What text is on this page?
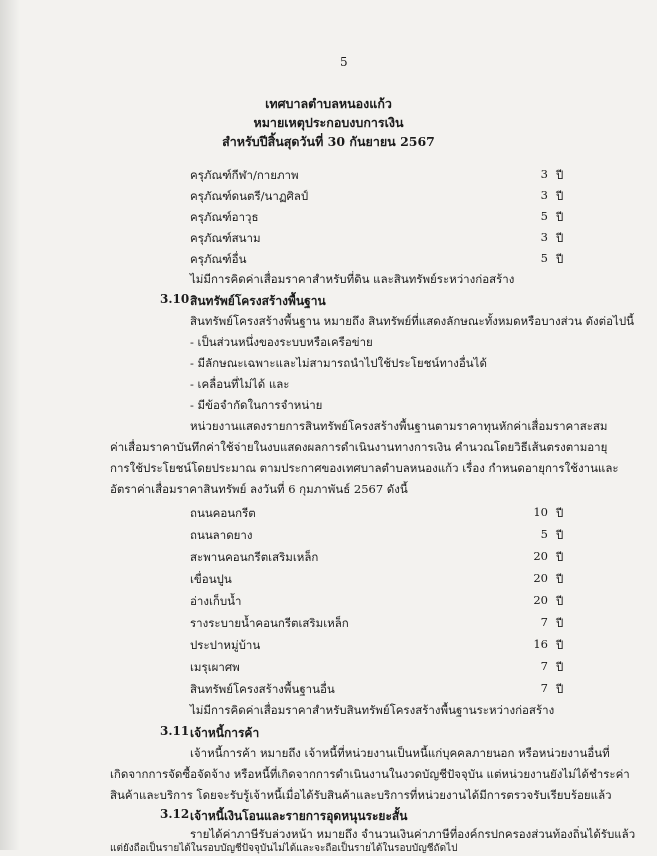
5
เทศบาลตำบลหนองแก้ว
หมายเหตุประกอบงบการเงิน
สำหรับปีสิ้นสุดวันที่ 30 กันยายน 2567
ครุภัณฑ์กีฬา/กายภาพ	3 ปี
ครุภัณฑ์ดนตรี/นาฏศิลป์	3 ปี
ครุภัณฑ์อาวุธ	5 ปี
ครุภัณฑ์สนาม	3 ปี
ครุภัณฑ์อื่น	5 ปี
ไม่มีการคิดค่าเสื่อมราคาสำหรับที่ดิน และสินทรัพย์ระหว่างก่อสร้าง
3.10 สินทรัพย์โครงสร้างพื้นฐาน
สินทรัพย์โครงสร้างพื้นฐาน หมายถึง สินทรัพย์ที่แสดงลักษณะทั้งหมดหรือบางส่วน ดังต่อไปนี้
- เป็นส่วนหนึ่งของระบบหรือเครือข่าย
- มีลักษณะเฉพาะและไม่สามารถนำไปใช้ประโยชน์ทางอื่นได้
- เคลื่อนที่ไม่ได้ และ
- มีข้อจำกัดในการจำหน่าย
หน่วยงานแสดงรายการสินทรัพย์โครงสร้างพื้นฐานตามราคาทุนหักค่าเสื่อมราคาสะสม
ค่าเสื่อมราคาบันทึกค่าใช้จ่ายในงบแสดงผลการดำเนินงานทางการเงิน คำนวณโดยวิธีเส้นตรงตามอายุ
การใช้ประโยชน์โดยประมาณ ตามประกาศของเทศบาลตำบลหนองแก้ว เรื่อง กำหนดอายุการใช้งานและ
อัตราค่าเสื่อมราคาสินทรัพย์ ลงวันที่ 6 กุมภาพันธ์ 2567 ดังนี้
ถนนคอนกรีต	10 ปี
ถนนลาดยาง	5 ปี
สะพานคอนกรีตเสริมเหล็ก	20 ปี
เขื่อนปูน	20 ปี
อ่างเก็บน้ำ	20 ปี
รางระบายน้ำคอนกรีตเสริมเหล็ก	7 ปี
ประปาหมู่บ้าน	16 ปี
เมรุเผาศพ	7 ปี
สินทรัพย์โครงสร้างพื้นฐานอื่น	7 ปี
ไม่มีการคิดค่าเสื่อมราคาสำหรับสินทรัพย์โครงสร้างพื้นฐานระหว่างก่อสร้าง
3.11 เจ้าหนี้การค้า
เจ้าหนี้การค้า หมายถึง เจ้าหนี้ที่หน่วยงานเป็นหนี้แก่บุคคลภายนอก หรือหน่วยงานอื่นที่
เกิดจากการจัดซื้อจัดจ้าง หรือหนี้ที่เกิดจากการดำเนินงานในงวดบัญชีปัจจุบัน แต่หน่วยงานยังไม่ได้ชำระค่า
สินค้าและบริการ โดยจะรับรู้เจ้าหนี้เมื่อได้รับสินค้าและบริการที่หน่วยงานได้มีการตรวจรับเรียบร้อยแล้ว
3.12 เจ้าหนี้เงินโอนและรายการอุดหนุนระยะสั้น
รายได้ค่าภาษีรับล่วงหน้า หมายถึง จำนวนเงินค่าภาษีที่องค์กรปกครองส่วนท้องถิ่นได้รับแล้ว
แต่ยังถือเป็นรายได้ในรอบบัญชีปัจจุบันไม่ได้และจะถือเป็นรายได้ในรอบบัญชีถัดไป
